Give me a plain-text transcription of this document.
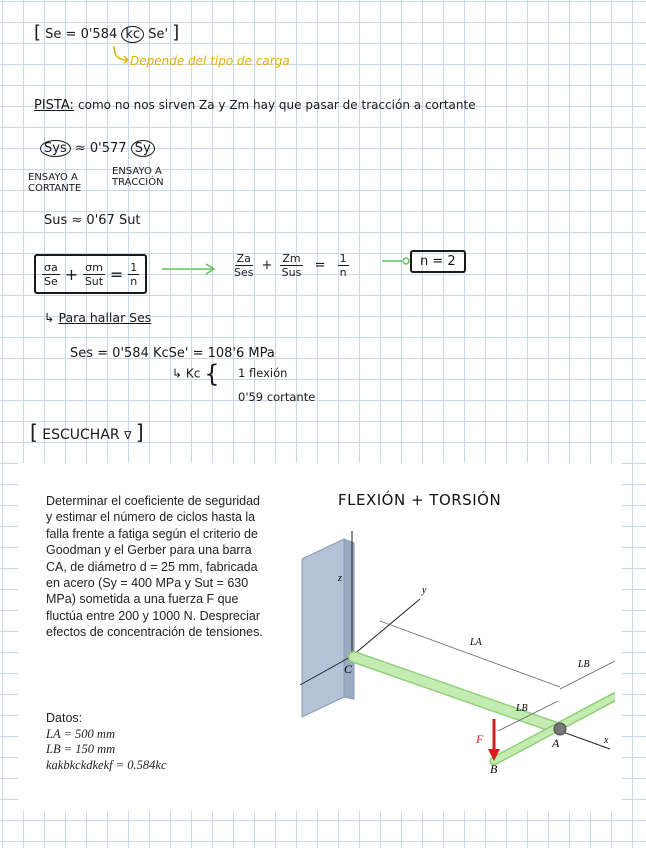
[ Se = 0'584 kc Se' ]
Depende del tipo de carga
PISTA: como no nos sirven Za y Zm hay que pasar de tracción a cortante
Sys ≈ 0'577 Sy
ENSAYO A CORTANTE
ENSAYO A TRACCIÓN
Sus ≈ 0'67 Sut
$\frac{\sigma a}{Se} + \frac{\sigma m}{\text{Sut}} = \frac{1}{n}$	$\frac{Za}{\text{Ses}} + \frac{Zm}{\text{Sus}} = \frac{1}{n}$	n = 2
↳ Para hallar Ses
Ses = 0'584 KcSe' = 108'6 MPa
↳ Kc { 1 flexión
0'59 cortante
[ ESCUCHAR ∇ ]
Determinar el coeficiente de seguridad y estimar el número de ciclos hasta la falla frente a fatiga según el criterio de Goodman y el Gerber para una barra CA, de diámetro d = 25 mm, fabricada en acero (Sy = 400 MPa y Sut = 630 MPa) sometida a una fuerza F que fluctúa entre 200 y 1000 N. Despreciar efectos de concentración de tensiones.
Datos:
LA = 500 mm
LB = 150 mm
kakbkckdkekf = 0.584kc
FLEXIÓN + TORSIÓN
z
y
x
C
A
B
F
LA
LB
LB
